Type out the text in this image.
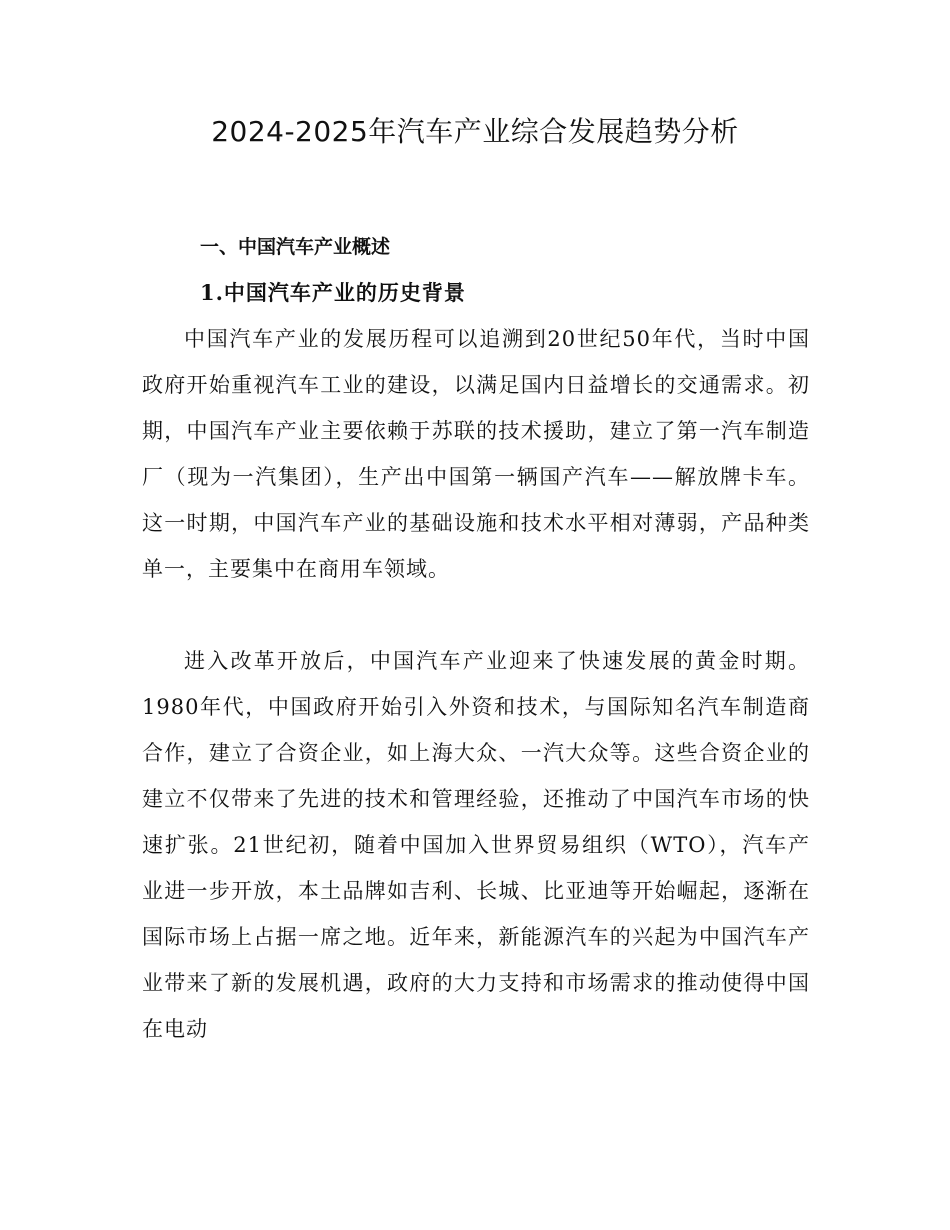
2024-2025年汽车产业综合发展趋势分析
一、中国汽车产业概述
1.中国汽车产业的历史背景

中国汽车产业的发展历程可以追溯到20世纪50年代，当时中国政府开始重视汽车工业的建设，以满足国内日益增长的交通需求。初期，中国汽车产业主要依赖于苏联的技术援助，建立了第一汽车制造厂（现为一汽集团），生产出中国第一辆国产汽车——解放牌卡车。这一时期，中国汽车产业的基础设施和技术水平相对薄弱，产品种类单一，主要集中在商用车领域。

进入改革开放后，中国汽车产业迎来了快速发展的黄金时期。1980年代，中国政府开始引入外资和技术，与国际知名汽车制造商合作，建立了合资企业，如上海大众、一汽大众等。这些合资企业的建立不仅带来了先进的技术和管理经验，还推动了中国汽车市场的快速扩张。21世纪初，随着中国加入世界贸易组织（WTO），汽车产业进一步开放，本土品牌如吉利、长城、比亚迪等开始崛起，逐渐在国际市场上占据一席之地。近年来，新能源汽车的兴起为中国汽车产业带来了新的发展机遇，政府的大力支持和市场需求的推动使得中国在电动
